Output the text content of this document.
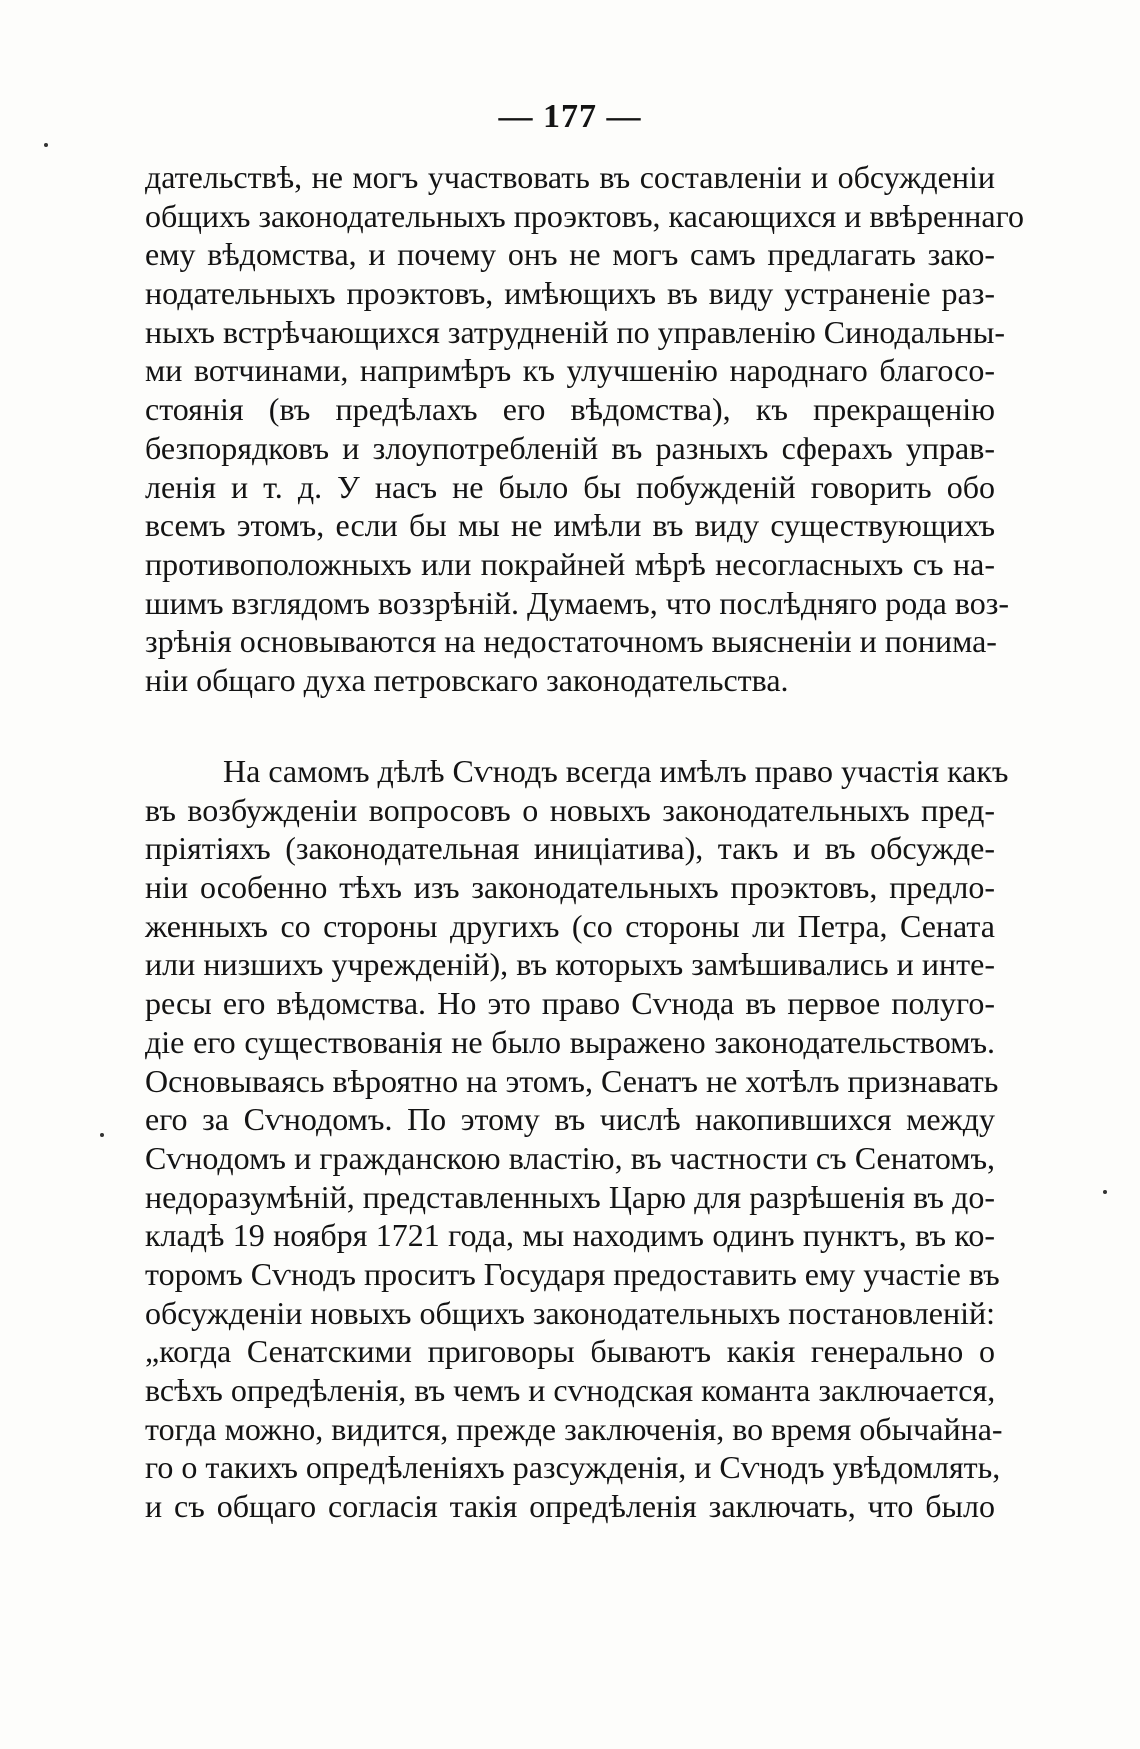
— 177 —
дательствѣ, не могъ участвовать въ составленіи и обсужденіи
общихъ законодательныхъ проэктовъ, касающихся и ввѣреннаго
ему вѣдомства, и почему онъ не могъ самъ предлагать зако-
нодательныхъ проэктовъ, имѣющихъ въ виду устраненіе раз-
ныхъ встрѣчающихся затрудненій по управленію Синодальны-
ми вотчинами, напримѣръ къ улучшенію народнаго благосо-
стоянія (въ предѣлахъ его вѣдомства), къ прекращенію
безпорядковъ и злоупотребленій въ разныхъ сферахъ управ-
ленія и т. д. У насъ не было бы побужденій говорить обо
всемъ этомъ, если бы мы не имѣли въ виду существующихъ
противоположныхъ или покрайней мѣрѣ несогласныхъ съ на-
шимъ взглядомъ воззрѣній. Думаемъ, что послѣдняго рода воз-
зрѣнія основываются на недостаточномъ выясненіи и понима-
ніи общаго духа петровскаго законодательства.
На самомъ дѣлѣ Сѵнодъ всегда имѣлъ право участія какъ
въ возбужденіи вопросовъ о новыхъ законодательныхъ пред-
пріятіяхъ (законодательная иниціатива), такъ и въ обсужде-
ніи особенно тѣхъ изъ законодательныхъ проэктовъ, предло-
женныхъ со стороны другихъ (со стороны ли Петра, Сената
или низшихъ учрежденій), въ которыхъ замѣшивались и инте-
ресы его вѣдомства. Но это право Сѵнода въ первое полуго-
діе его существованія не было выражено законодательствомъ.
Основываясь вѣроятно на этомъ, Сенатъ не хотѣлъ признавать
его за Сѵнодомъ. По этому въ числѣ накопившихся между
Сѵнодомъ и гражданскою властію, въ частности съ Сенатомъ,
недоразумѣній, представленныхъ Царю для разрѣшенія въ до-
кладѣ 19 ноября 1721 года, мы находимъ одинъ пунктъ, въ ко-
торомъ Сѵнодъ проситъ Государя предоставить ему участіе въ
обсужденіи новыхъ общихъ законодательныхъ постановленій:
„когда Сенатскими приговоры бываютъ какія генерально о
всѣхъ опредѣленія, въ чемъ и сѵнодская команта заключается,
тогда можно, видится, прежде заключенія, во время обычайна-
го о такихъ опредѣленіяхъ разсужденія, и Сѵнодъ увѣдомлять,
и съ общаго согласія такія опредѣленія заключать, что было
